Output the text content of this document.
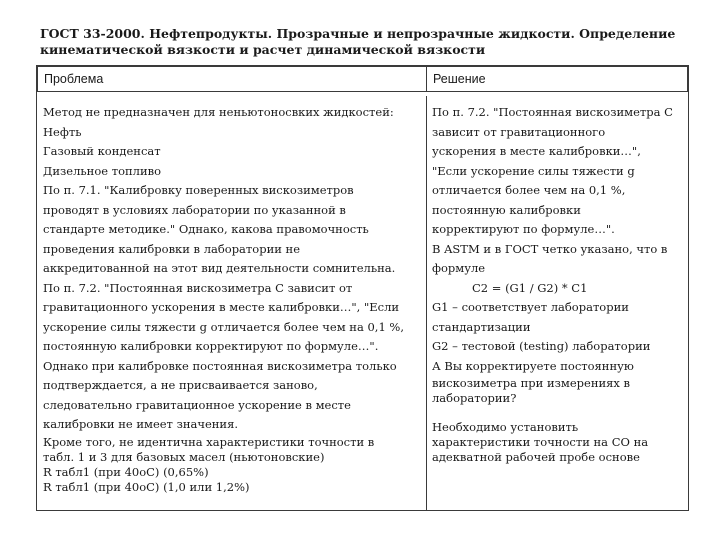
ГОСТ 33-2000. Нефтепродукты. Прозрачные и непрозрачные жидкости. Определение
кинематической вязкости и расчет динамической вязкости
Проблема	Решение
Метод не предназначен для неньютоносвких жидкостей:
Нефть
Газовый конденсат
Дизельное топливо
По п. 7.1. "Калибровку поверенных вискозиметров
проводят в условиях лаборатории по указанной в
стандарте методике." Однако, какова правомочность
проведения калибровки в лаборатории не
аккредитованной на этот вид деятельности сомнительна.
По п. 7.2. "Постоянная вискозиметра С зависит от
гравитационного ускорения в месте калибровки…", "Если
ускорение силы тяжести g отличается более чем на 0,1 %,
постоянную калибровки корректируют по формуле…".
Однако при калибровке постоянная вискозиметра только
подтверждается, а не присваивается заново,
следовательно гравитационное ускорение в месте
калибровки не имеет значения.
Кроме того, не идентична характеристики точности в
табл. 1 и 3 для базовых масел (ньютоновские)
R табл1 (при 40оС) (0,65%)
R табл1 (при 40оС) (1,0 или 1,2%)
По п. 7.2. "Постоянная вискозиметра С
зависит от гравитационного
ускорения в месте калибровки…",
"Если ускорение силы тяжести g
отличается более чем на 0,1 %,
постоянную калибровки
корректируют по формуле…".
В ASTM и в ГОСТ четко указано, что в
формуле
С2 = (G1 / G2) * С1
G1 – соответствует лаборатории
стандартизации
G2 – тестовой (testing) лаборатории
А Вы корректируете постоянную
вискозиметра при измерениях в
лаборатории?
Необходимо установить
характеристики точности на СО на
адекватной рабочей пробе основе
